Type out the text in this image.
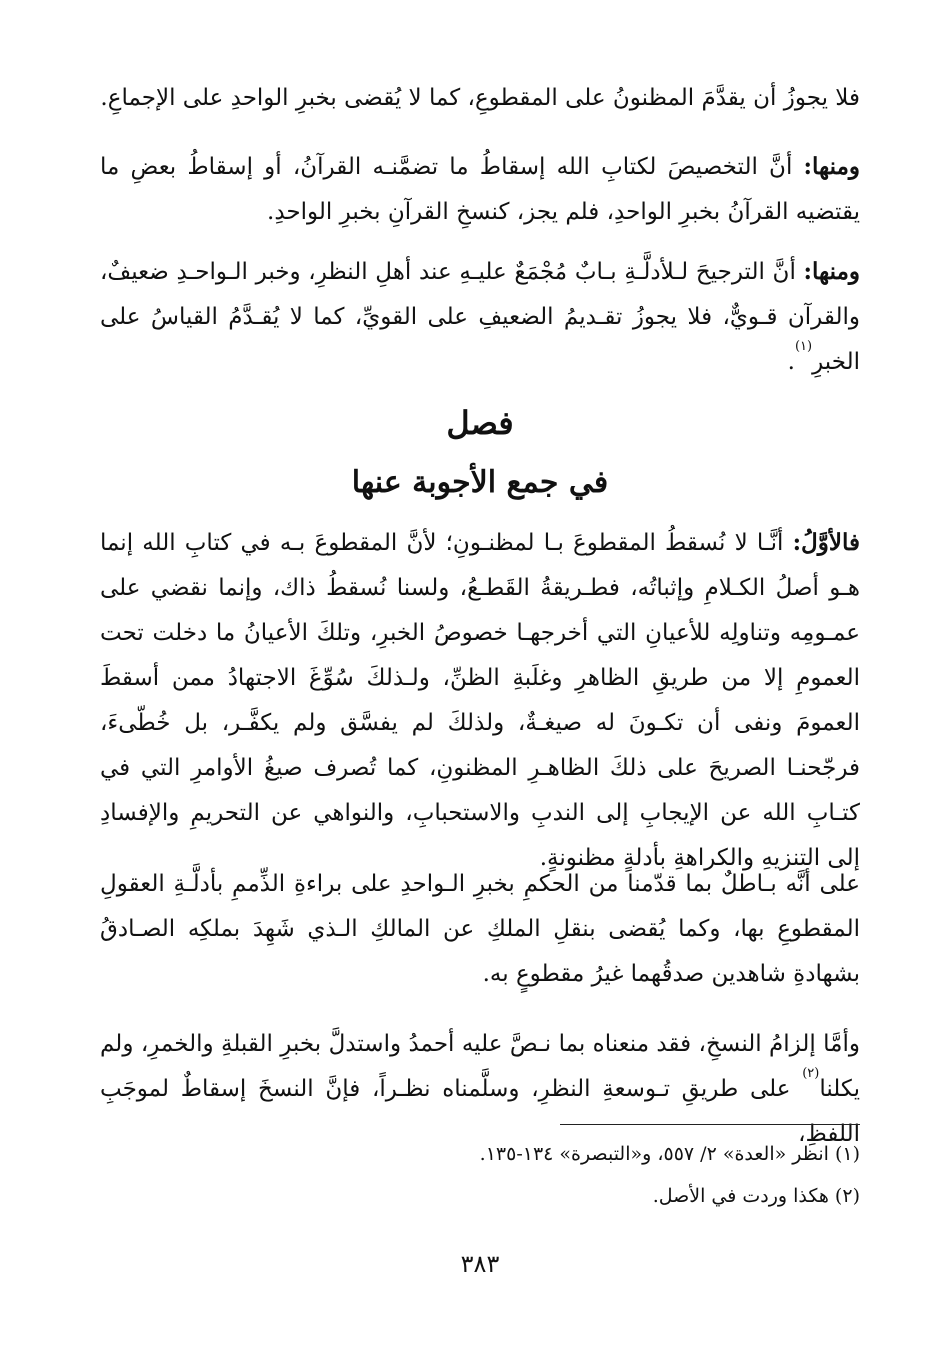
فلا يجوزُ أن يقدَّمَ المظنونُ على المقطوعِ، كما لا يُقضى بخبرِ الواحدِ على الإجماعِ.

ومنها: أنَّ التخصيصَ لكتابِ الله إسقاطُ ما تضمَّنـه القرآنُ، أو إسقاطُ بعضِ ما يقتضيه القرآنُ بخبرِ الواحدِ، فلم يجز، كنسخِ القرآنِ بخبرِ الواحدِ.

ومنها: أنَّ الترجيحَ لـلأدلَّـةِ بـابٌ مُجْمَعٌ عليـهِ عند أهلِ النظرِ، وخبر الـواحـدِ ضعيفٌ، والقرآن قـويٌّ، فلا يجوزُ تقـديمُ الضعيفِ على القويِّ، كما لا يُقـدَّمُ القياسُ على الخبرِ$^{(١)}$.

فصل
في جمع الأجوبة عنها

فالأوَّلُ: أنَّـا لا نُسقطُ المقطوعَ بـا لمظنـونِ؛ لأنَّ المقطوعَ بـه في كتابِ الله إنما هـو أصلُ الكـلامِ وإثباتُه، فطـريقةُ القَطـعُ، ولسنا نُسقطُ ذاك، وإنما نقضي على عمـومِه وتناولِه للأعيانِ التي أخرجهـا خصوصُ الخبرِ، وتلكَ الأعيانُ ما دخلت تحت العمومِ إلا من طريقِ الظاهرِ وغلَبةِ الظنِّ، ولـذلكَ سُوِّغَ الاجتهادُ ممن أسقطَ العمومَ ونفى أن تكـونَ له صيغـةٌ، ولذلكَ لم يفسَّق ولم يكفَّـر، بل خُطّىءَ، فرجّحنـا الصريحَ على ذلكَ الظاهـرِ المظنونِ، كما تُصرف صيغُ الأوامرِ التي في كتـابِ الله عن الإيجابِ إلى الندبِ والاستحبابِ، والنواهي عن التحريمِ والإفسادِ إلى التنزيهِ والكراهةِ بأدلةٍ مظنونةٍ.

على أنَّه بـاطلٌ بما قدّمنا من الحكمِ بخبرِ الـواحدِ على براءةِ الذِّممِ بأدلَّـةِ العقولِ المقطوعِ بها، وكما يُقضى بنقلِ الملكِ عن المالكِ الـذي شَهِدَ بملكِه الصـادقُ بشهادةِ شاهدين صدقُهما غيرُ مقطوعٍ به.

وأمَّا إلزامُ النسخِ، فقد منعناه بما نـصَّ عليه أحمدُ واستدلَّ بخبرِ القبلةِ والخمرِ، ولم يكلنا$^{(٢)}$ على طريقِ تـوسعةِ النظرِ، وسلَّمناه نظـراً، فإنَّ النسخَ إسقاطٌ لموجَبِ اللفظِ،

(١) انظر «العدة» ٢/ ٥٥٧، و«التبصرة» ١٣٤-١٣٥.

(٢) هكذا وردت في الأصل.

٣٨٣
